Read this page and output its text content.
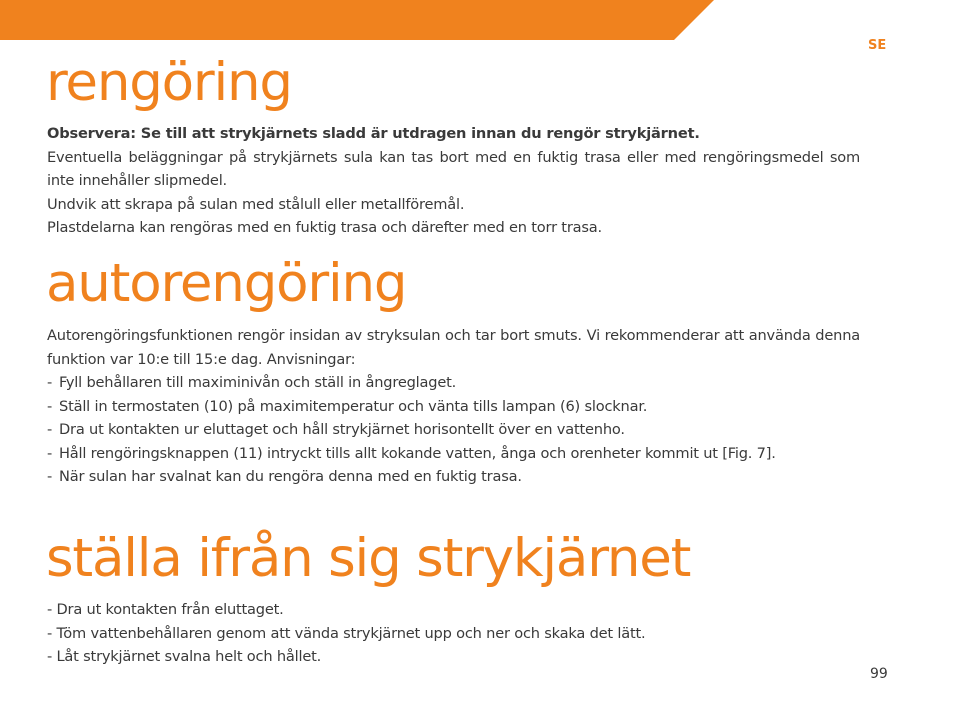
SE
rengöring

Observera: Se till att strykjärnets sladd är utdragen innan du rengör strykjärnet.

Eventuella beläggningar på strykjärnets sula kan tas bort med en fuktig trasa eller med rengöringsmedel som inte innehåller slipmedel.

Undvik att skrapa på sulan med stålull eller metallföremål.

Plastdelarna kan rengöras med en fuktig trasa och därefter med en torr trasa.

autorengöring

Autorengöringsfunktionen rengör insidan av stryksulan och tar bort smuts. Vi rekommenderar att använda denna funktion var 10:e till 15:e dag. Anvisningar:

- Fyll behållaren till maximinivån och ställ in ångreglaget.
- Ställ in termostaten (10) på maximitemperatur och vänta tills lampan (6) slocknar.
- Dra ut kontakten ur eluttaget och håll strykjärnet horisontellt över en vattenho.
- Håll rengöringsknappen (11) intryckt tills allt kokande vatten, ånga och orenheter kommit ut [Fig. 7].
- När sulan har svalnat kan du rengöra denna med en fuktig trasa.
ställa ifrån sig strykjärnet
- Dra ut kontakten från eluttaget.
- Töm vattenbehållaren genom att vända strykjärnet upp och ner och skaka det lätt.
- Låt strykjärnet svalna helt och hållet.
99
